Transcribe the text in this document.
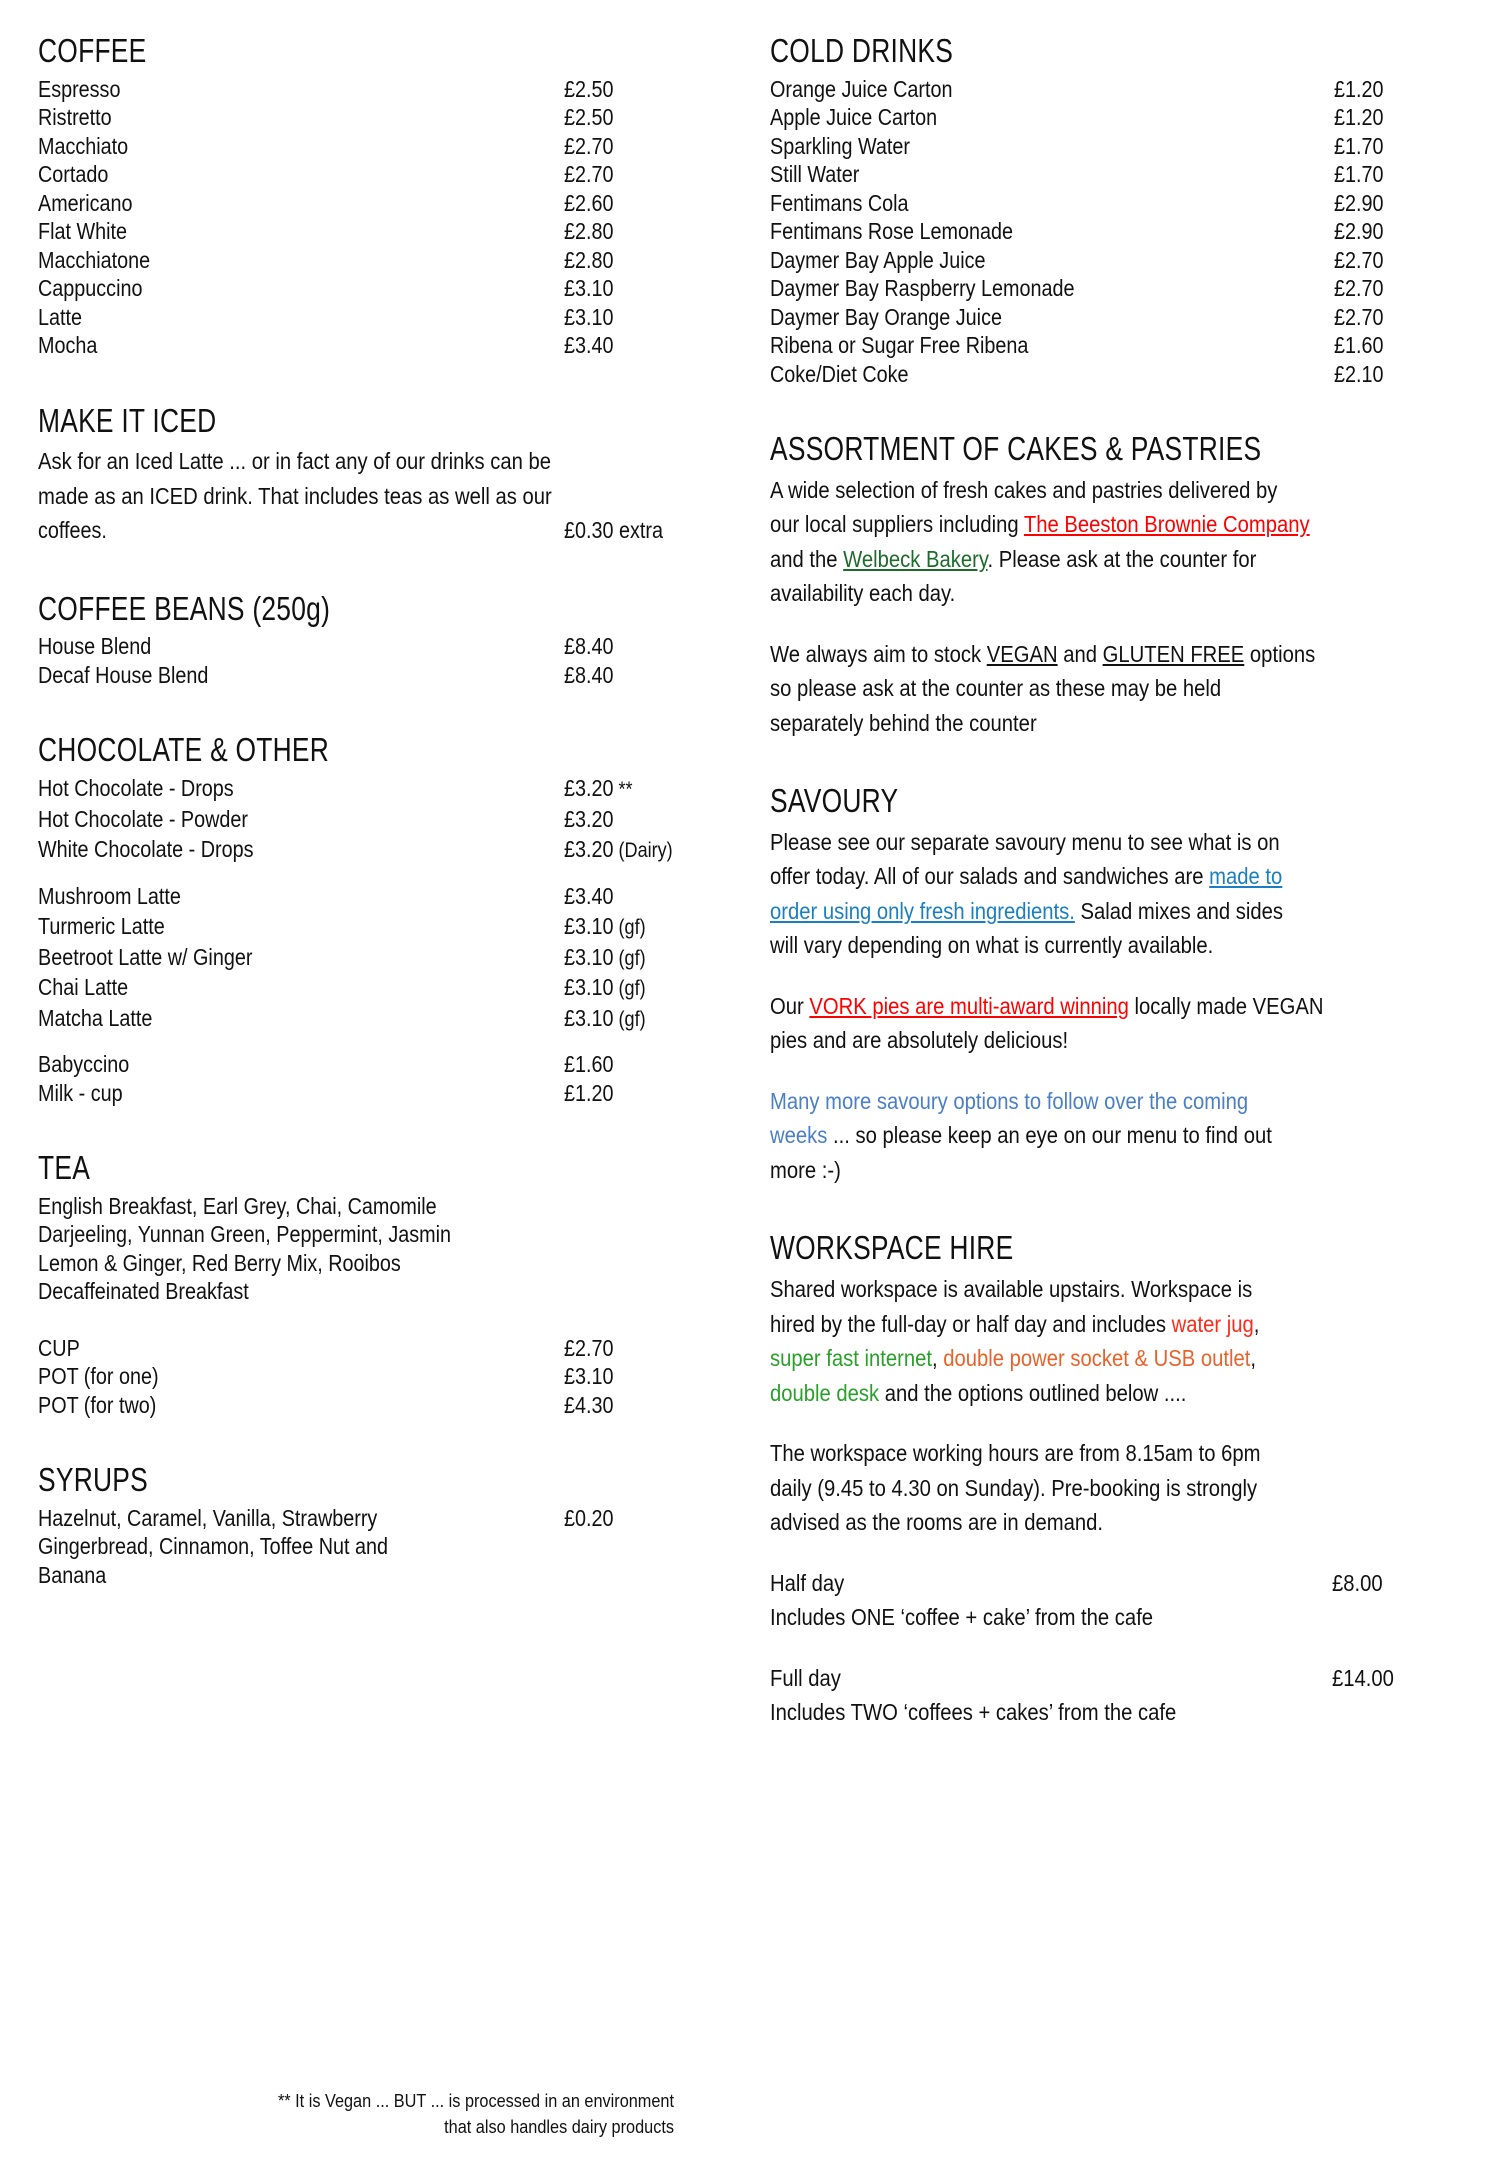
COFFEE
Espresso	£2.50
Ristretto	£2.50
Macchiato	£2.70
Cortado	£2.70
Americano	£2.60
Flat White	£2.80
Macchiatone	£2.80
Cappuccino	£3.10
Latte	£3.10
Mocha	£3.40
MAKE IT ICED
Ask for an Iced Latte ... or in fact any of our drinks can be
made as an ICED drink. That includes teas as well as our
coffees.	£0.30 extra
COFFEE BEANS (250g)
House Blend	£8.40
Decaf House Blend	£8.40
CHOCOLATE & OTHER
Hot Chocolate - Drops	£3.20 **
Hot Chocolate - Powder	£3.20
White Chocolate - Drops	£3.20 (Dairy)
Mushroom Latte	£3.40
Turmeric Latte	£3.10 (gf)
Beetroot Latte w/ Ginger	£3.10 (gf)
Chai Latte	£3.10 (gf)
Matcha Latte	£3.10 (gf)
Babyccino	£1.60
Milk - cup	£1.20
TEA
English Breakfast, Earl Grey, Chai, Camomile
Darjeeling, Yunnan Green, Peppermint, Jasmin
Lemon & Ginger, Red Berry Mix, Rooibos
Decaffeinated Breakfast
CUP	£2.70
POT (for one)	£3.10
POT (for two)	£4.30
SYRUPS
Hazelnut, Caramel, Vanilla, Strawberry	£0.20
Gingerbread, Cinnamon, Toffee Nut and
Banana
COLD DRINKS
Orange Juice Carton	£1.20
Apple Juice Carton	£1.20
Sparkling Water	£1.70
Still Water	£1.70
Fentimans Cola	£2.90
Fentimans Rose Lemonade	£2.90
Daymer Bay Apple Juice	£2.70
Daymer Bay Raspberry Lemonade	£2.70
Daymer Bay Orange Juice	£2.70
Ribena or Sugar Free Ribena	£1.60
Coke/Diet Coke	£2.10
ASSORTMENT OF CAKES & PASTRIES
A wide selection of fresh cakes and pastries delivered by
our local suppliers including The Beeston Brownie Company
and the Welbeck Bakery. Please ask at the counter for
availability each day.
We always aim to stock VEGAN and GLUTEN FREE options
so please ask at the counter as these may be held
separately behind the counter
SAVOURY
Please see our separate savoury menu to see what is on
offer today. All of our salads and sandwiches are made to
order using only fresh ingredients. Salad mixes and sides
will vary depending on what is currently available.
Our VORK pies are multi-award winning locally made VEGAN
pies and are absolutely delicious!
Many more savoury options to follow over the coming
weeks ... so please keep an eye on our menu to find out
more :-)
WORKSPACE HIRE
Shared workspace is available upstairs. Workspace is
hired by the full-day or half day and includes water jug,
super fast internet, double power socket & USB outlet,
double desk and the options outlined below ....
The workspace working hours are from 8.15am to 6pm
daily (9.45 to 4.30 on Sunday). Pre-booking is strongly
advised as the rooms are in demand.
Half day	£8.00
Includes ONE ‘coffee + cake’ from the cafe
Full day	£14.00
Includes TWO ‘coffees + cakes’ from the cafe
** It is Vegan ... BUT ... is processed in an environment
that also handles dairy products
